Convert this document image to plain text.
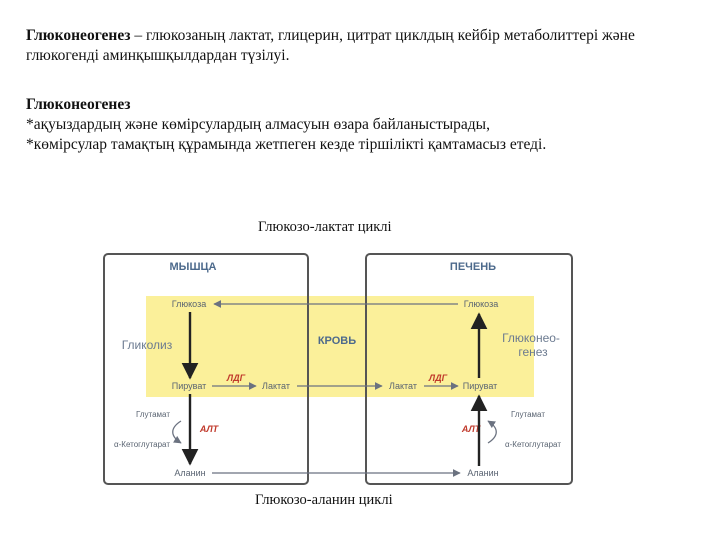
Глюконеогенез – глюкозаның лактат, глицерин, цитрат циклдың кейбір метаболиттері және глюкогенді аминқышқылдардан түзілуі.

Глюконеогенез
*ақуыздардың және көмірсулардың алмасуын өзара байланыстырады,
*көмірсулар тамақтың құрамында жетпеген кезде тіршілікті қамтамасыз етеді.
Глюкозо-лактат циклі
Глюкозо-аланин циклі
МЫШЦА	ПЕЧЕНЬ
КРОВЬ
Глюкоза
Гликолиз
Пируват
ЛДГ
Глутамат
АЛТ
α-Кетоглутарат
Аланин
Лактат
Глюкоза
Глюконео-
генез
Лактат
ЛДГ
Пируват
Глутамат
АЛТ
α-Кетоглутарат
Аланин
